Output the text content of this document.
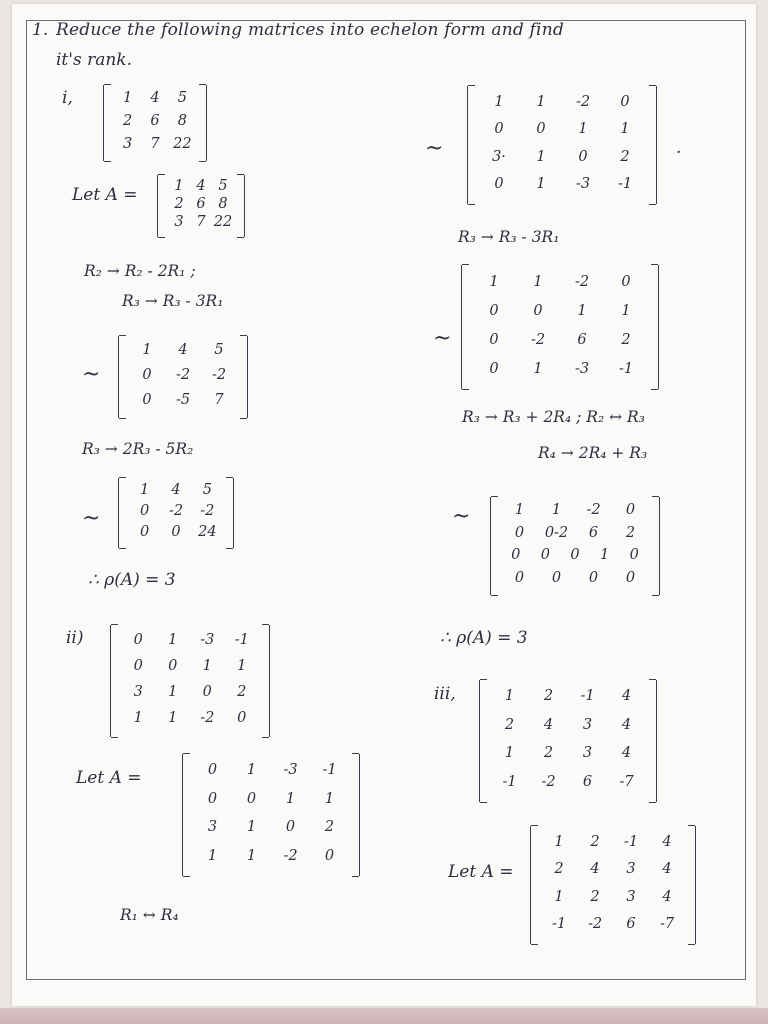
1. Reduce the following matrices into echelon form and find
it's rank.
i,	1	4	5
2	6	8
3	7 22
Let A =	1 4 5
2 6 8
3 7 22
R₂ → R₂ - 2R₁ ;
R₃ → R₃ - 3R₁
~
1	4	5
0	-2	-2
0	-5	7
R₃ → 2R₃ - 5R₂
~
1	4	5
0	-2	-2
0	0	24
∴ ρ(A) = 3
ii)	0	1	-3	-1
0	0	1	1
3	1	0	2
1	1	-2	0
Let A =	0	1	-3	-1
0	0	1	1
3	1	0	2
1	1	-2	0
R₁ ↔ R₄
~
1	1	-2	0
0	0	1	1
3·	1	0	2
0	1	-3	-1
.
R₃ → R₃ - 3R₁
~
1	1	-2	0
0	0	1	1
0	-2	6	2
0	1	-3	-1
R₃ → R₃ + 2R₄ ; R₂ ↔ R₃
R₄ → 2R₄ + R₃
~	1	1	-2	0
0	0-2	6	2
0	0	0	1	0
0	0	0	0
∴ ρ(A) = 3
iii,	1	2	-1	4
2	4	3	4
1	2	3	4
-1	-2	6	-7
Let A =
1	2	-1	4
2	4	3	4
1	2	3	4
-1	-2	6	-7
